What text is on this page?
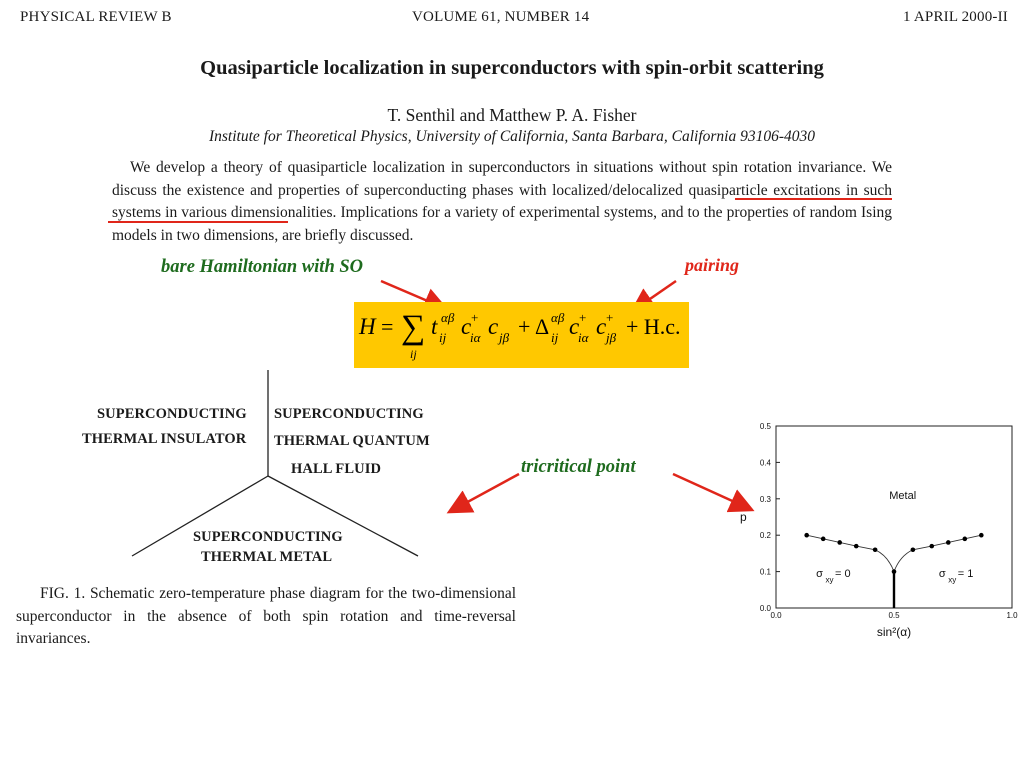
PHYSICAL REVIEW B	VOLUME 61, NUMBER 14	1 APRIL 2000-II
Quasiparticle localization in superconductors with spin-orbit scattering
T. Senthil and Matthew P. A. Fisher
Institute for Theoretical Physics, University of California, Santa Barbara, California 93106-4030
We develop a theory of quasiparticle localization in superconductors in situations without spin rotation invariance. We discuss the existence and properties of superconducting phases with localized/delocalized quasiparticle excitations in such systems in various dimensionalities. Implications for a variety of experimental systems, and to the properties of random Ising models in two dimensions, are briefly discussed.
bare Hamiltonian with SO	pairing
tricritical point
H = ∑
ij
t αβ
ij c +
iα c jβ + Δ αβ
ij c +
iα c +
jβ + H.c.
SUPERCONDUCTING
THERMAL INSULATOR
SUPERCONDUCTING
THERMAL QUANTUM
HALL FLUID
SUPERCONDUCTING
THERMAL METAL
FIG. 1. Schematic zero-temperature phase diagram for the two-dimensional superconductor in the absence of both spin rotation and time-reversal invariances.
0.0
0.1
0.2
0.3
0.4
0.5
0.0	0.5	1.0
Metal
σ xy = 0	σ xy = 1
p
sin²(α)
